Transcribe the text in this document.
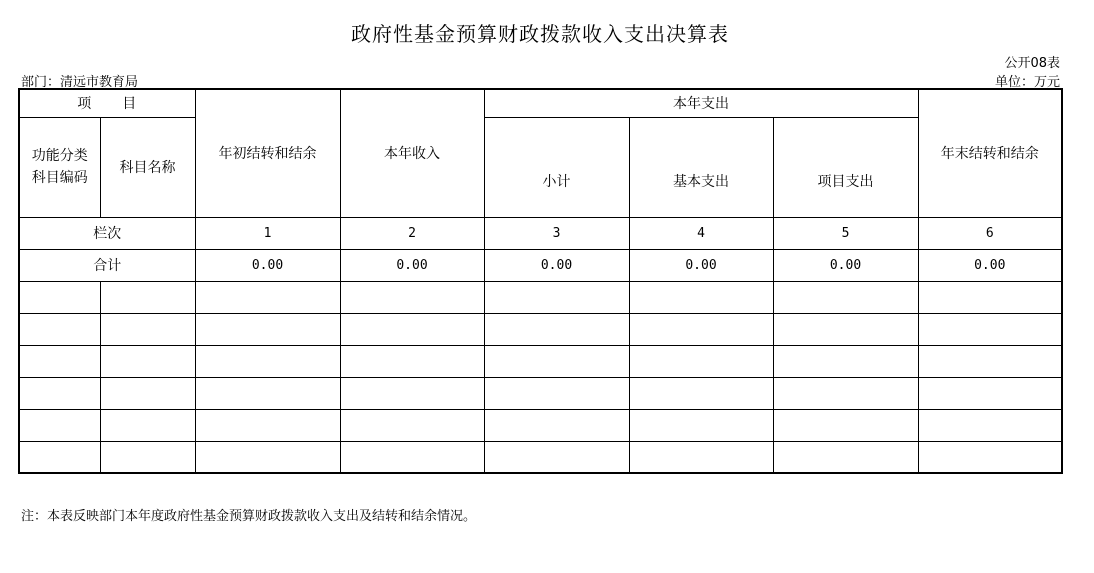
政府性基金预算财政拨款收入支出决算表
公开08表
部门：清远市教育局	单位：万元
项　　目		年初结转和结余	本年收入	本年支出			年末结转和结余
功能分类
科目编码	科目名称			小计	基本支出	项目支出	
栏次		1	2	3	4	5	6
合计		0.00	0.00	0.00	0.00	0.00	0.00

注：本表反映部门本年度政府性基金预算财政拨款收入支出及结转和结余情况。
